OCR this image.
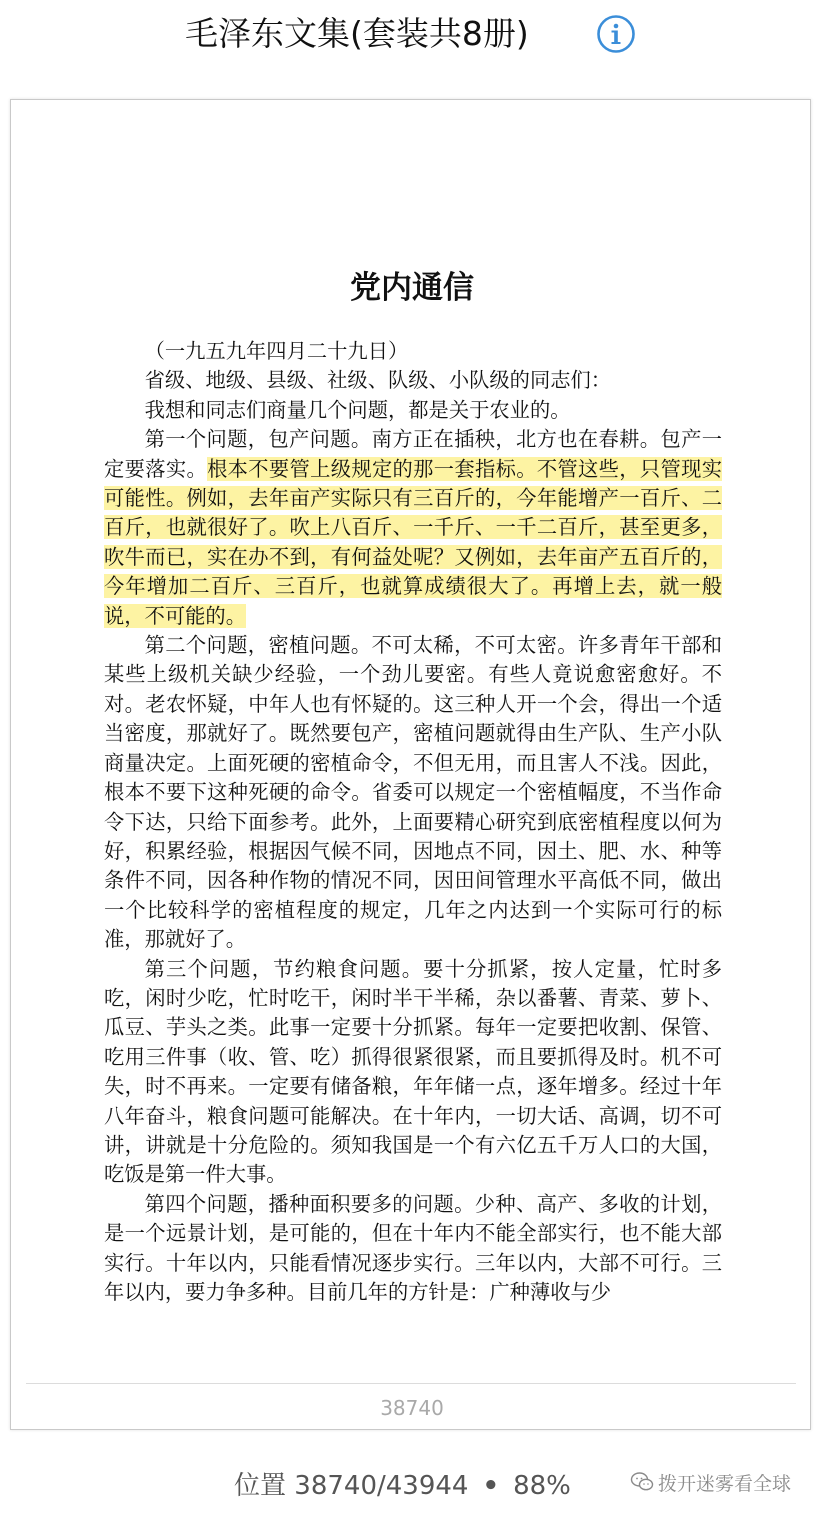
毛泽东文集(套装共8册)
党内通信

（一九五九年四月二十九日）

省级、地级、县级、社级、队级、小队级的同志们：

我想和同志们商量几个问题，都是关于农业的。

第一个问题，包产问题。南方正在插秧，北方也在春耕。包产一定要落实。根本不要管上级规定的那一套指标。不管这些，只管现实可能性。例如，去年亩产实际只有三百斤的，今年能增产一百斤、二百斤，也就很好了。吹上八百斤、一千斤、一千二百斤，甚至更多，吹牛而已，实在办不到，有何益处呢？又例如，去年亩产五百斤的，今年增加二百斤、三百斤，也就算成绩很大了。再增上去，就一般说，不可能的。

第二个问题，密植问题。不可太稀，不可太密。许多青年干部和某些上级机关缺少经验，一个劲儿要密。有些人竟说愈密愈好。不对。老农怀疑，中年人也有怀疑的。这三种人开一个会，得出一个适当密度，那就好了。既然要包产，密植问题就得由生产队、生产小队商量决定。上面死硬的密植命令，不但无用，而且害人不浅。因此，根本不要下这种死硬的命令。省委可以规定一个密植幅度，不当作命令下达，只给下面参考。此外，上面要精心研究到底密植程度以何为好，积累经验，根据因气候不同，因地点不同，因土、肥、水、种等条件不同，因各种作物的情况不同，因田间管理水平高低不同，做出一个比较科学的密植程度的规定，几年之内达到一个实际可行的标准，那就好了。

第三个问题，节约粮食问题。要十分抓紧，按人定量，忙时多吃，闲时少吃，忙时吃干，闲时半干半稀，杂以番薯、青菜、萝卜、瓜豆、芋头之类。此事一定要十分抓紧。每年一定要把收割、保管、吃用三件事（收、管、吃）抓得很紧很紧，而且要抓得及时。机不可失，时不再来。一定要有储备粮，年年储一点，逐年增多。经过十年八年奋斗，粮食问题可能解决。在十年内，一切大话、高调，切不可讲，讲就是十分危险的。须知我国是一个有六亿五千万人口的大国，吃饭是第一件大事。

第四个问题，播种面积要多的问题。少种、高产、多收的计划，是一个远景计划，是可能的，但在十年内不能全部实行，也不能大部实行。十年以内，只能看情况逐步实行。三年以内，大部不可行。三年以内，要力争多种。目前几年的方针是：广种薄收与少

38740
位置 38740/43944 • 88%	拨开迷雾看全球
